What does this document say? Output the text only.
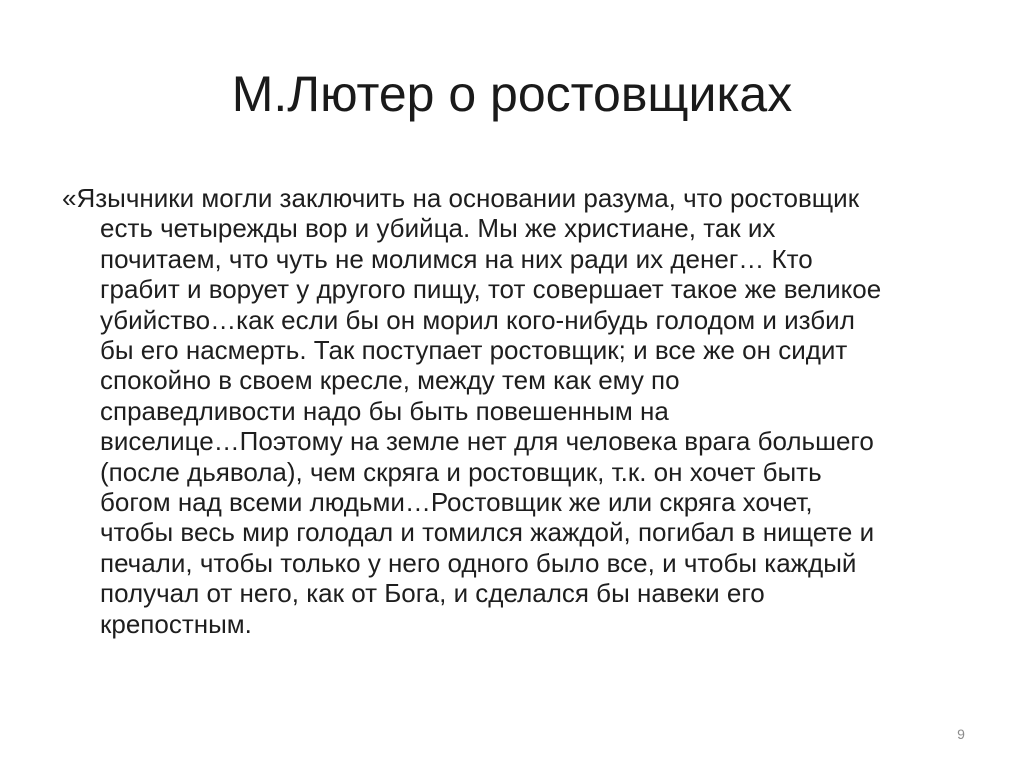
М.Лютер о ростовщиках
«Язычники могли заключить на основании разума, что ростовщик
есть четырежды вор и убийца. Мы же христиане, так их
почитаем, что чуть не молимся на них ради их денег… Кто
грабит и ворует у другого пищу, тот совершает такое же великое
убийство…как если бы он морил кого-нибудь голодом и избил
бы его насмерть. Так поступает ростовщик; и все же он сидит
спокойно в своем кресле, между тем как ему по
справедливости надо бы быть повешенным на
виселице…Поэтому на земле нет для человека врага большего
(после дьявола), чем скряга и ростовщик, т.к. он хочет быть
богом над всеми людьми…Ростовщик же или скряга хочет,
чтобы весь мир голодал и томился жаждой, погибал в нищете и
печали, чтобы только у него одного было все, и чтобы каждый
получал от него, как от Бога, и сделался бы навеки его
крепостным.
9
